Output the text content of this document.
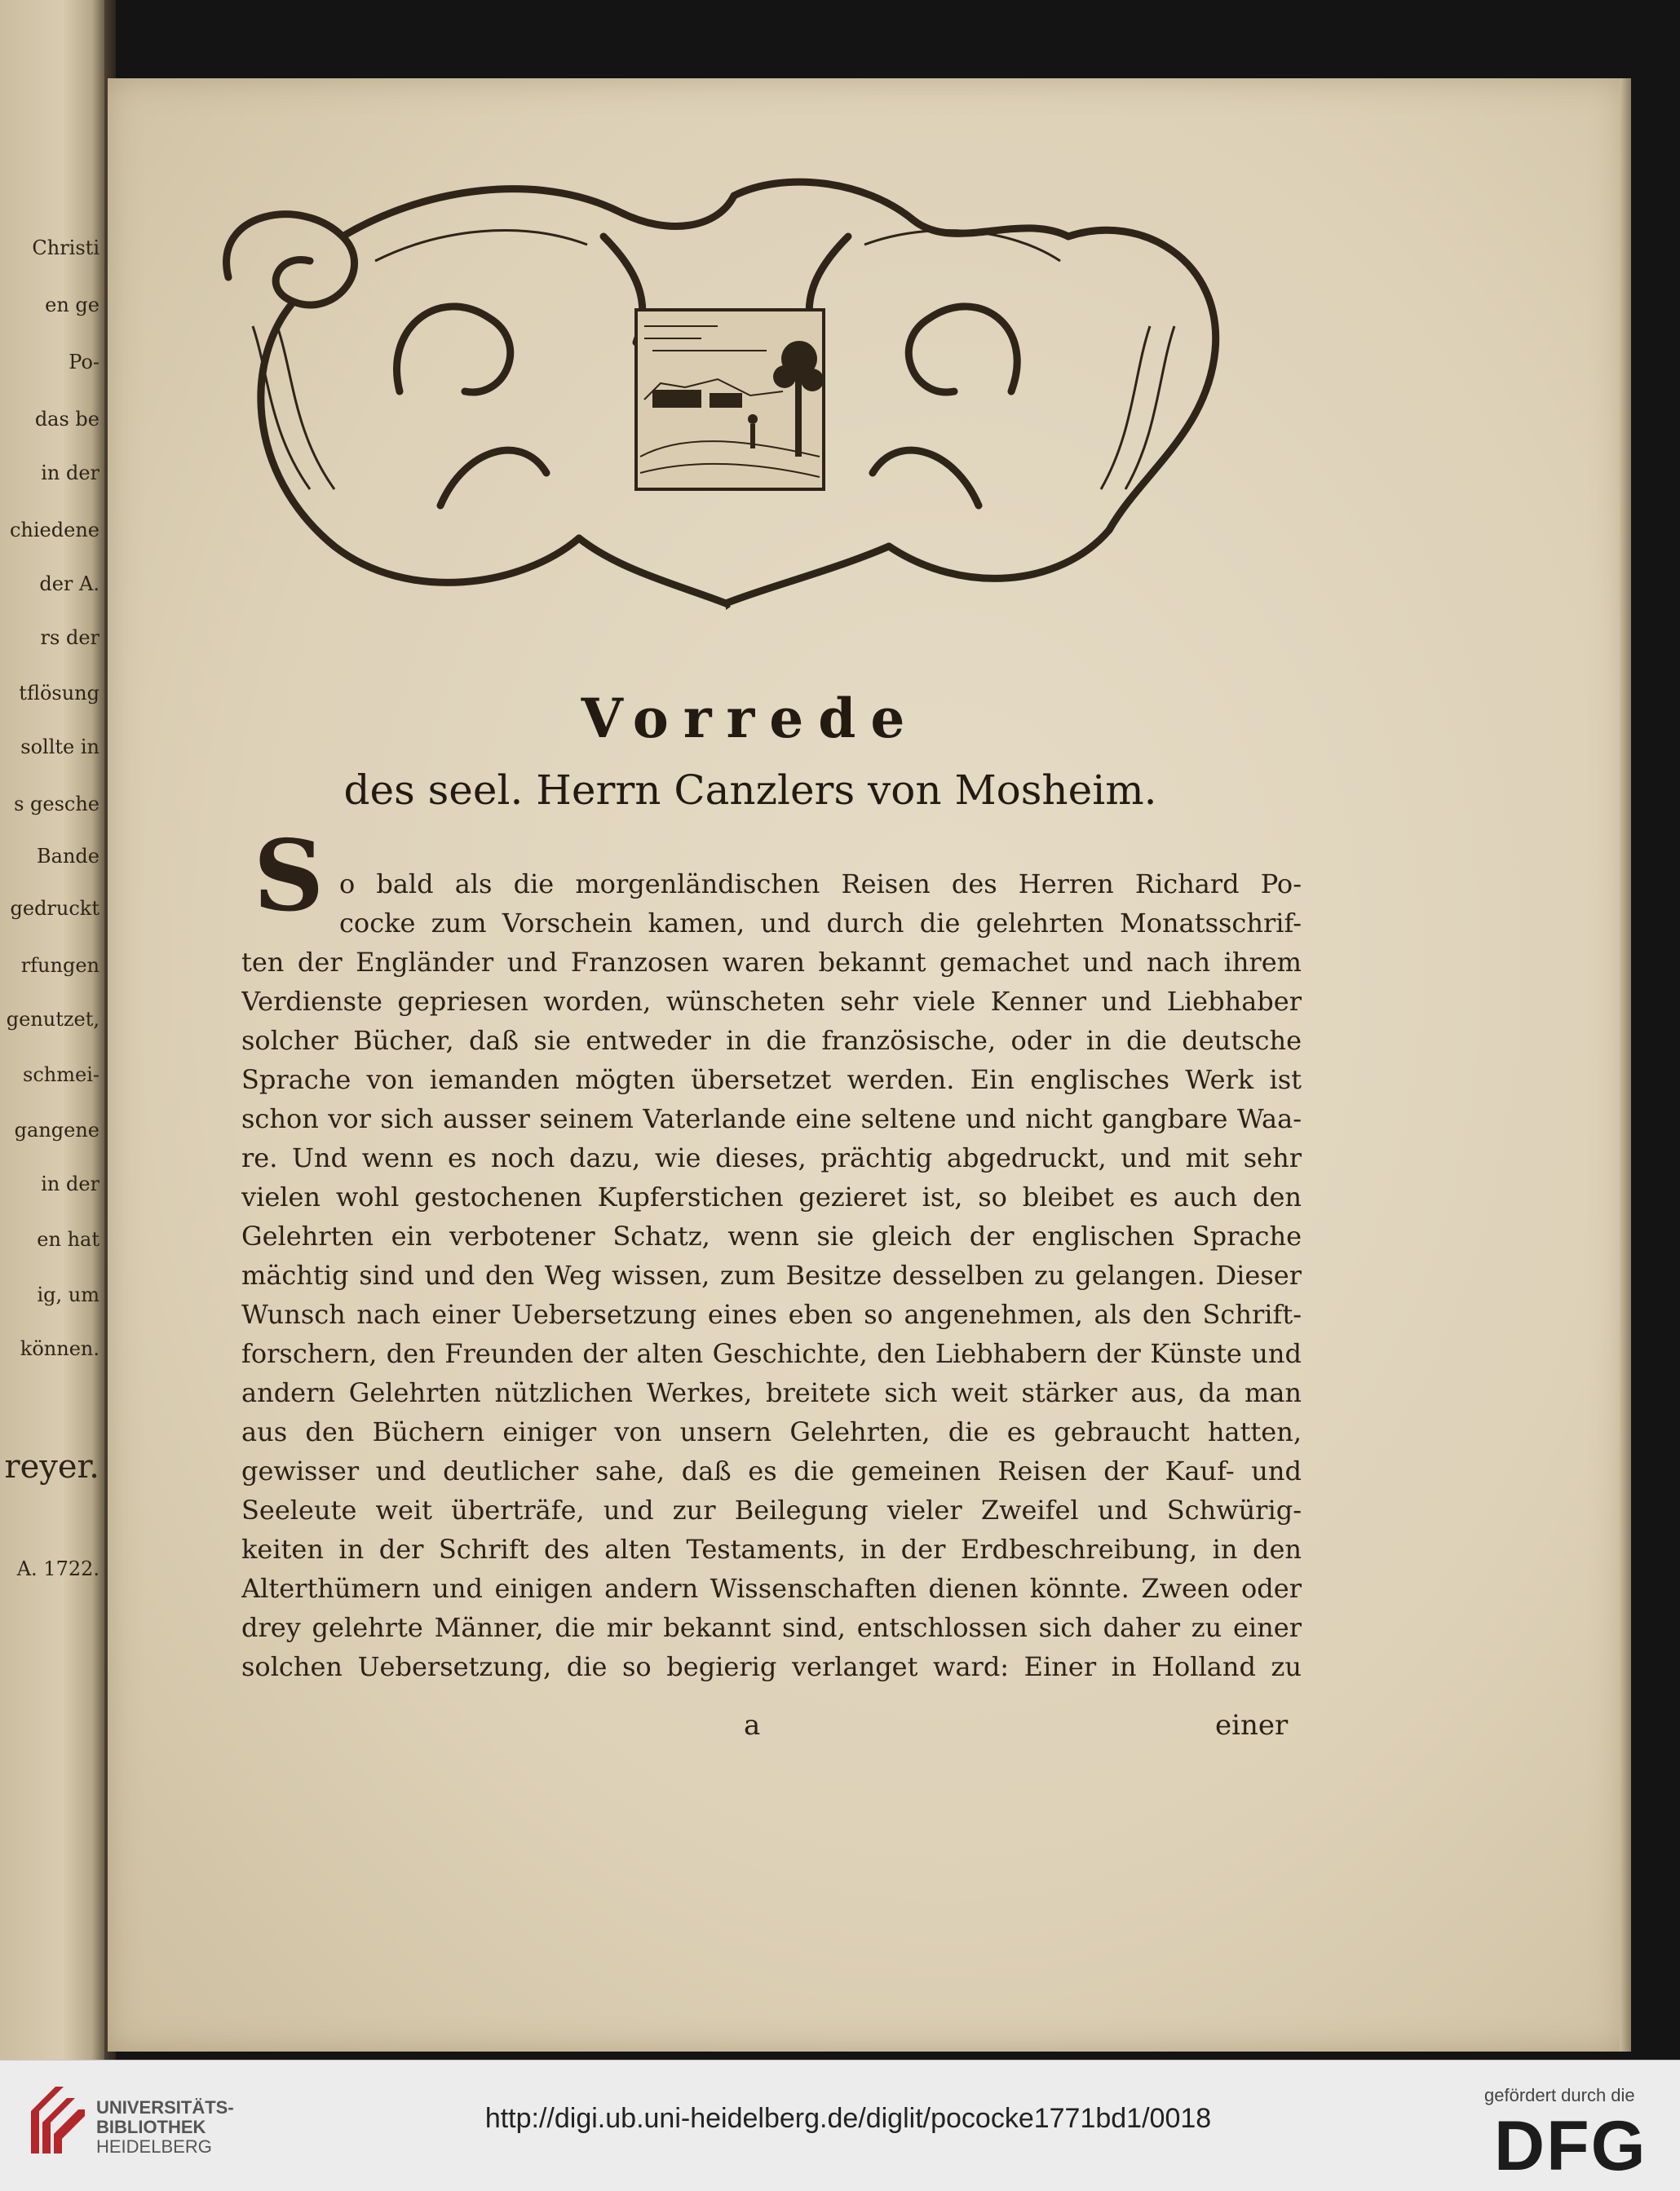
Christi
en ge
Po-
das be
in der
chiedene
der A.
rs der
tflösung
sollte in
s gesche
Bande
gedruckt
rfungen
genutzet,
schmei-
gangene
in der
en hat
ig, um
können.
reyer.
A. 1722.
Vorrede
des seel. Herrn Canzlers von Mosheim.
S o bald als die morgenländischen Reisen des Herren Richard Po-
cocke zum Vorschein kamen, und durch die gelehrten Monatsschrif-
ten der Engländer und Franzosen waren bekannt gemachet und nach ihrem
Verdienste gepriesen worden, wünscheten sehr viele Kenner und Liebhaber
solcher Bücher, daß sie entweder in die französische, oder in die deutsche
Sprache von iemanden mögten übersetzet werden. Ein englisches Werk ist
schon vor sich ausser seinem Vaterlande eine seltene und nicht gangbare Waa-
re. Und wenn es noch dazu, wie dieses, prächtig abgedruckt, und mit sehr
vielen wohl gestochenen Kupferstichen gezieret ist, so bleibet es auch den
Gelehrten ein verbotener Schatz, wenn sie gleich der englischen Sprache
mächtig sind und den Weg wissen, zum Besitze desselben zu gelangen. Dieser
Wunsch nach einer Uebersetzung eines eben so angenehmen, als den Schrift-
forschern, den Freunden der alten Geschichte, den Liebhabern der Künste und
andern Gelehrten nützlichen Werkes, breitete sich weit stärker aus, da man
aus den Büchern einiger von unsern Gelehrten, die es gebraucht hatten,
gewisser und deutlicher sahe, daß es die gemeinen Reisen der Kauf- und
Seeleute weit überträfe, und zur Beilegung vieler Zweifel und Schwürig-
keiten in der Schrift des alten Testaments, in der Erdbeschreibung, in den
Alterthümern und einigen andern Wissenschaften dienen könnte. Zween oder
drey gelehrte Männer, die mir bekannt sind, entschlossen sich daher zu einer
solchen Uebersetzung, die so begierig verlanget ward: Einer in Holland zu
a	einer
UNIVERSITÄTS-
BIBLIOTHEK
HEIDELBERG
http://digi.ub.uni-heidelberg.de/diglit/pococke1771bd1/0018
gefördert durch die
DFG
